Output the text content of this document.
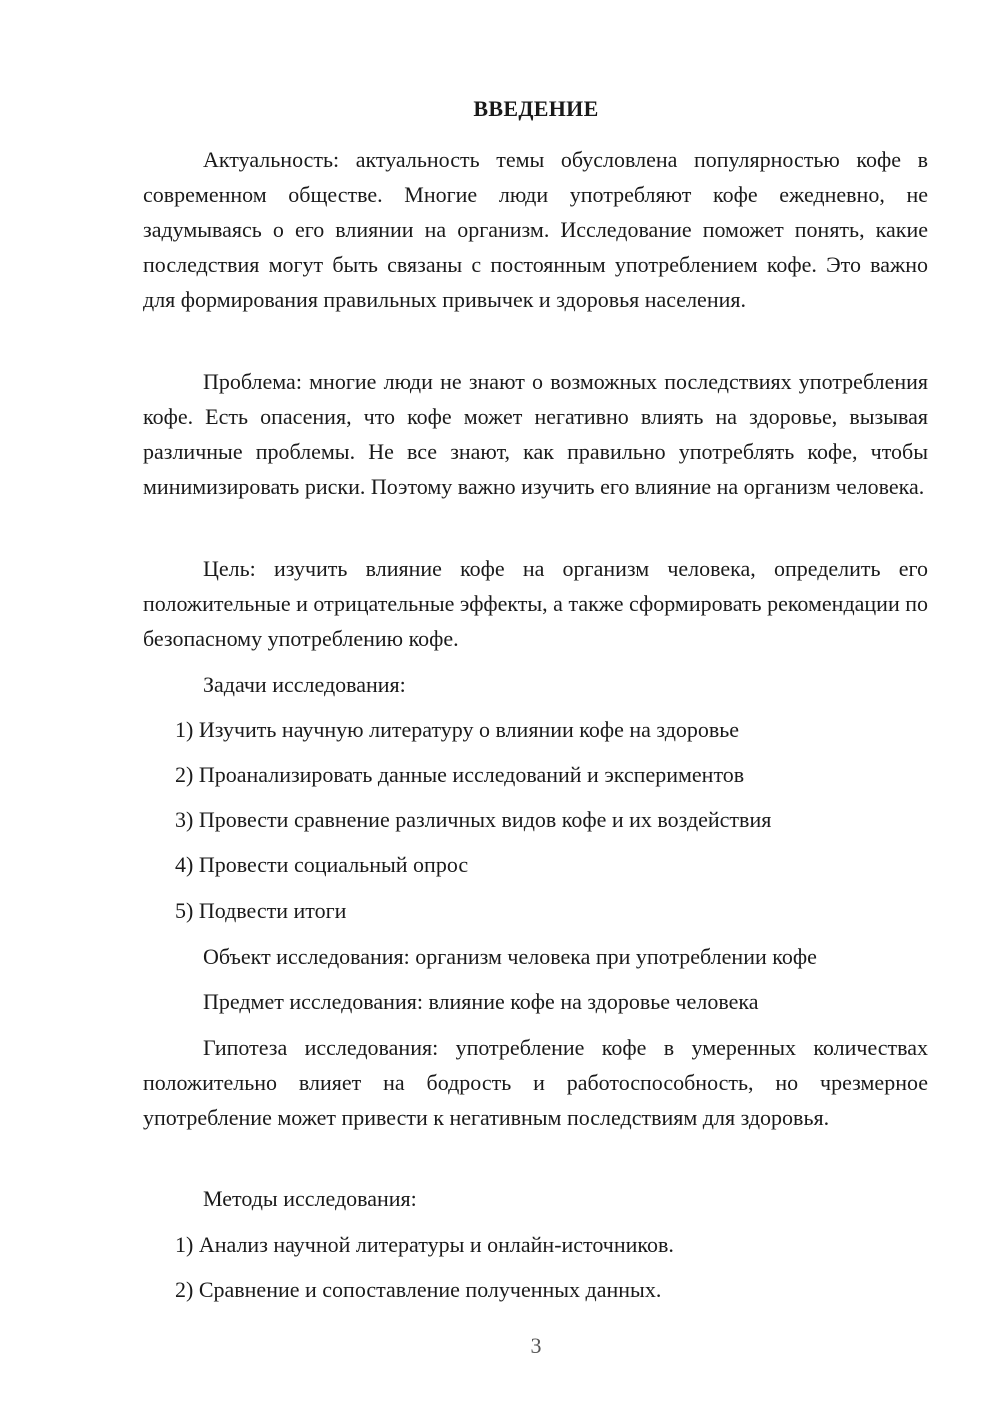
ВВЕДЕНИЕ

Актуальность: актуальность темы обусловлена популярностью кофе в современном обществе. Многие люди употребляют кофе ежедневно, не задумываясь о его влиянии на организм. Исследование поможет понять, какие последствия могут быть связаны с постоянным употреблением кофе. Это важно для формирования правильных привычек и здоровья населения.

Проблема: многие люди не знают о возможных последствиях употребления кофе. Есть опасения, что кофе может негативно влиять на здоровье, вызывая различные проблемы. Не все знают, как правильно употреблять кофе, чтобы минимизировать риски. Поэтому важно изучить его влияние на организм человека.

Цель: изучить влияние кофе на организм человека, определить его положительные и отрицательные эффекты, а также сформировать рекомендации по безопасному употреблению кофе.

Задачи исследования:

1) Изучить научную литературу о влиянии кофе на здоровье

2) Проанализировать данные исследований и экспериментов

3) Провести сравнение различных видов кофе и их воздействия

4) Провести социальный опрос

5) Подвести итоги

Объект исследования: организм человека при употреблении кофе

Предмет исследования: влияние кофе на здоровье человека

Гипотеза исследования: употребление кофе в умеренных количествах положительно влияет на бодрость и работоспособность, но чрезмерное употребление может привести к негативным последствиям для здоровья.

Методы исследования:

1) Анализ научной литературы и онлайн-источников.

2) Сравнение и сопоставление полученных данных.

3
